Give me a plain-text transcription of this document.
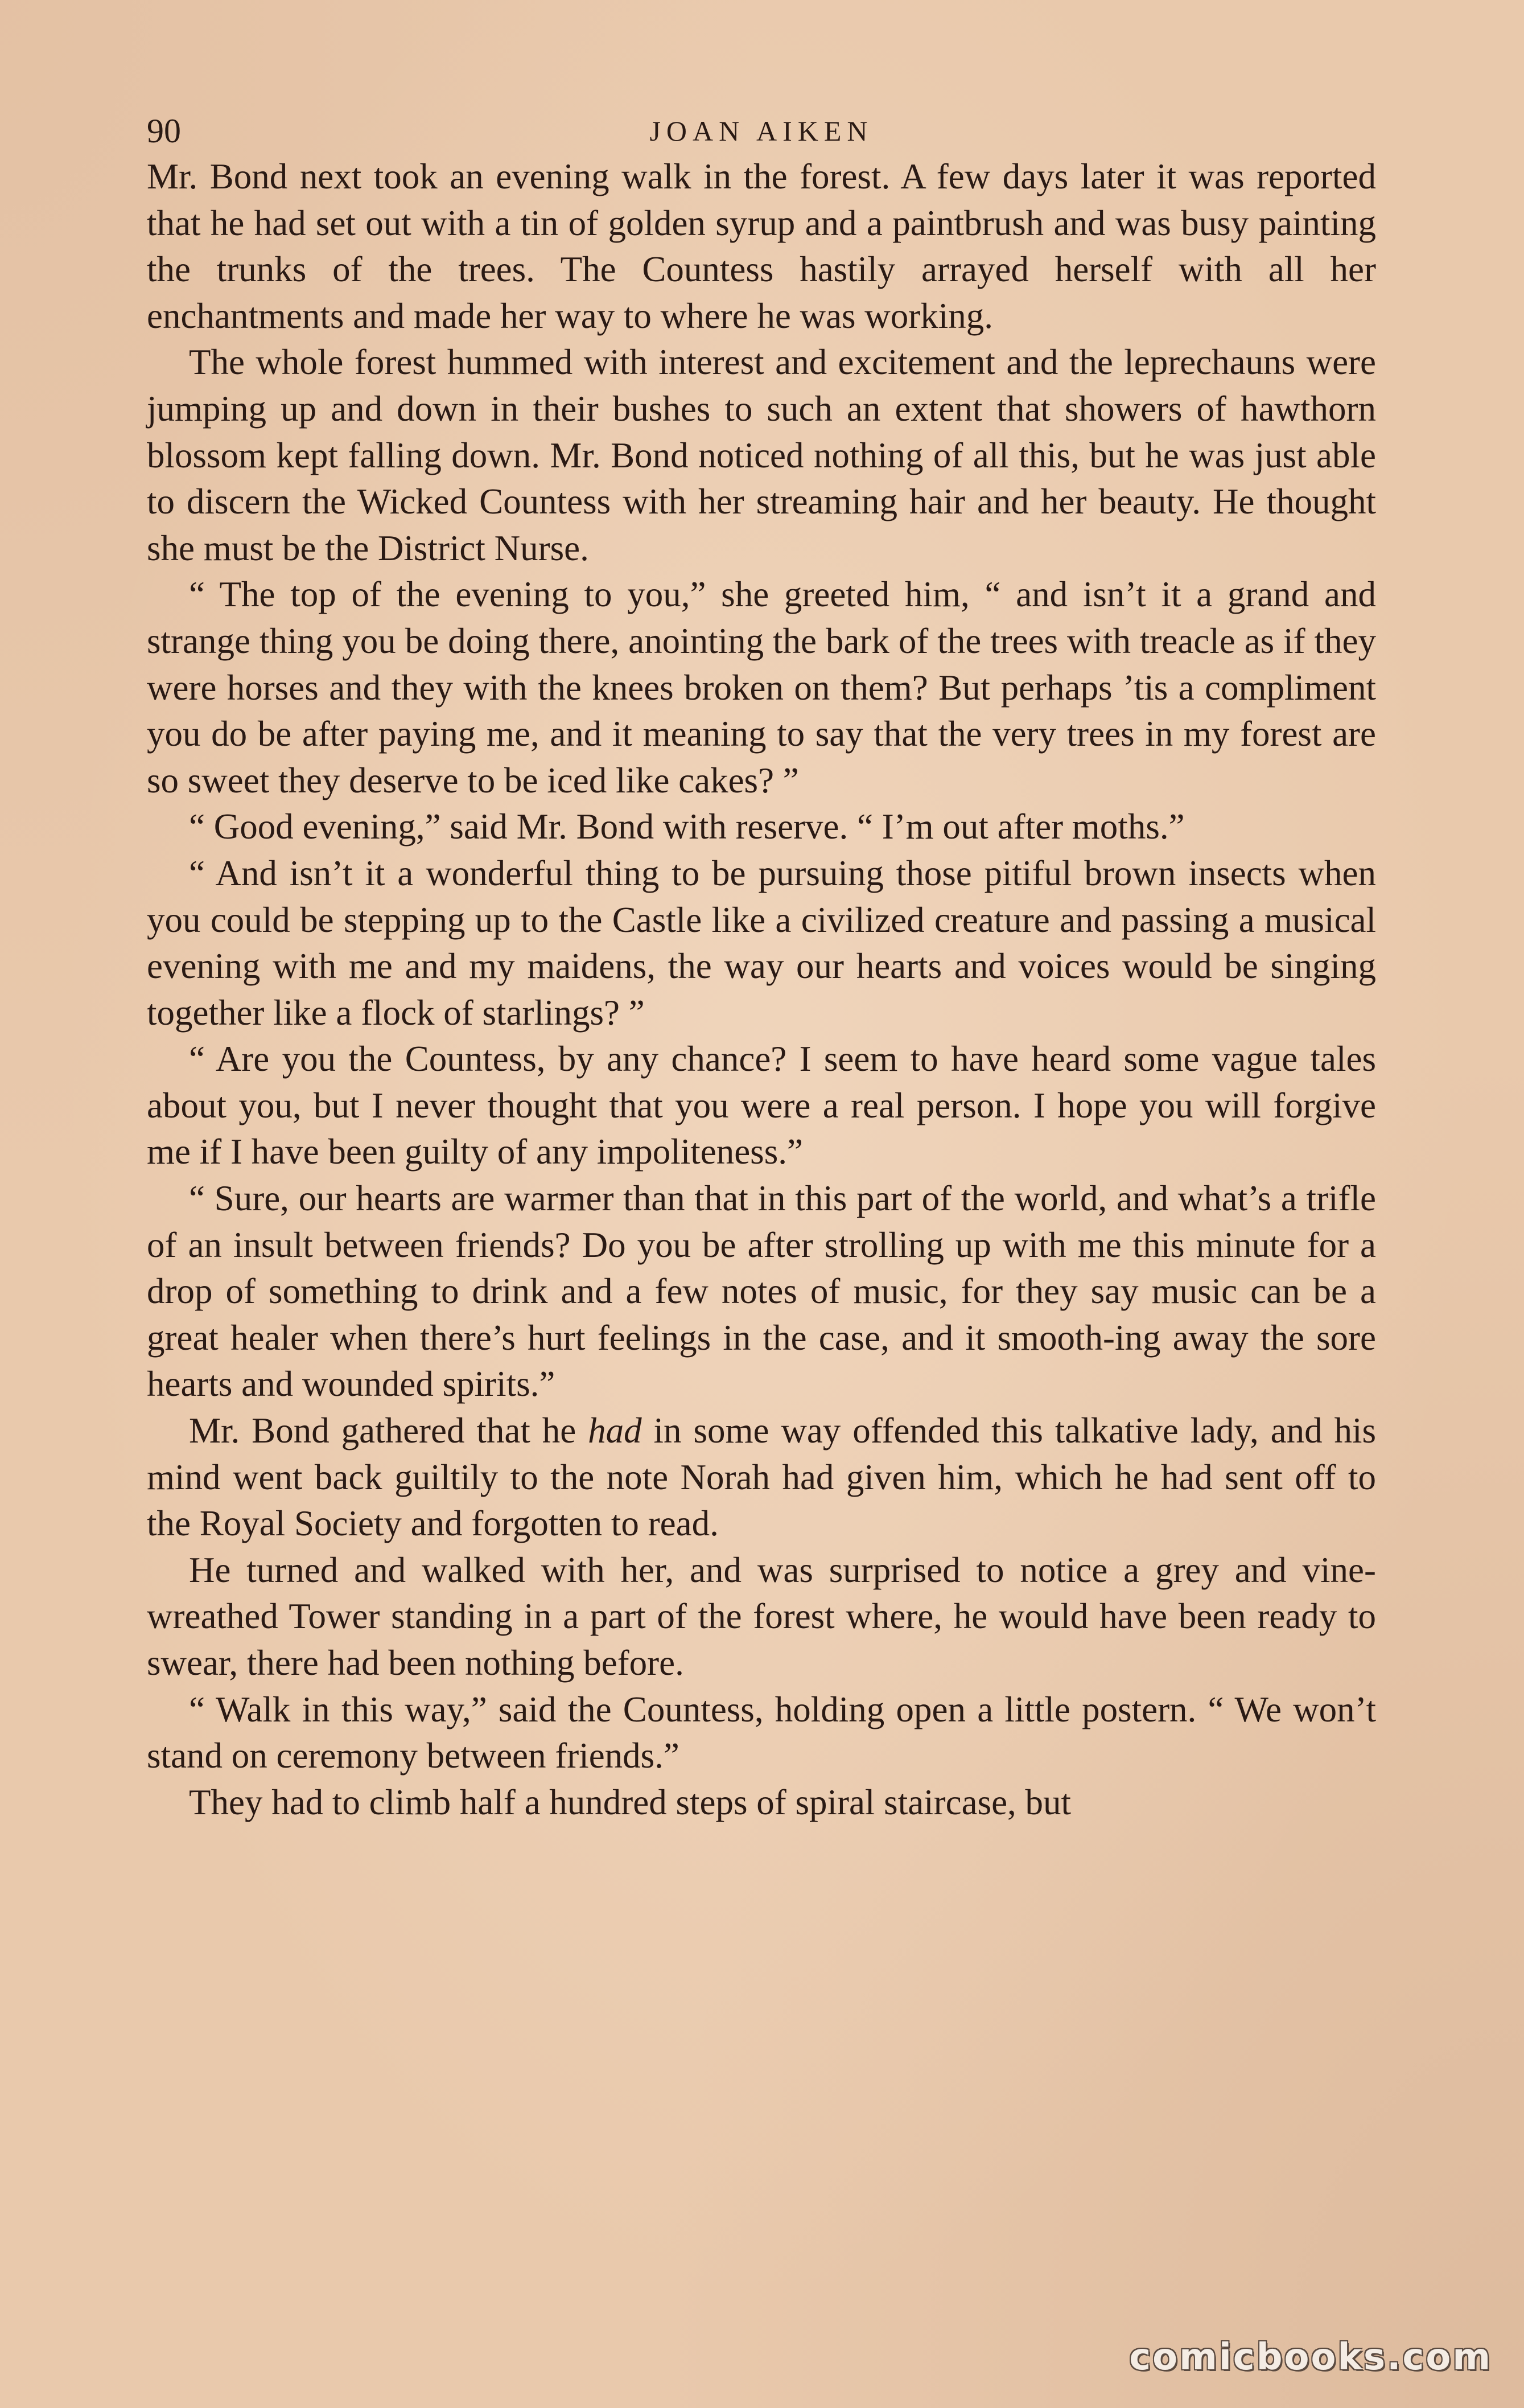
90	JOAN AIKEN

Mr. Bond next took an evening walk in the forest. A few days later it was reported that he had set out with a tin of golden syrup and a paintbrush and was busy painting the trunks of the trees. The Countess hastily arrayed herself with all her enchantments and made her way to where he was working.

The whole forest hummed with interest and excitement and the leprechauns were jumping up and down in their bushes to such an extent that showers of hawthorn blossom kept falling down. Mr. Bond noticed nothing of all this, but he was just able to discern the Wicked Countess with her streaming hair and her beauty. He thought she must be the District Nurse.

“ The top of the evening to you,” she greeted him, “ and isn’t it a grand and strange thing you be doing there, anointing the bark of the trees with treacle as if they were horses and they with the knees broken on them? But perhaps ’tis a compliment you do be after paying me, and it meaning to say that the very trees in my forest are so sweet they deserve to be iced like cakes? ”

“ Good evening,” said Mr. Bond with reserve. “ I’m out after moths.”

“ And isn’t it a wonderful thing to be pursuing those pitiful brown insects when you could be stepping up to the Castle like a civilized creature and passing a musical evening with me and my maidens, the way our hearts and voices would be singing together like a flock of starlings? ”

“ Are you the Countess, by any chance? I seem to have heard some vague tales about you, but I never thought that you were a real person. I hope you will forgive me if I have been guilty of any impoliteness.”

“ Sure, our hearts are warmer than that in this part of the world, and what’s a trifle of an insult between friends? Do you be after strolling up with me this minute for a drop of something to drink and a few notes of music, for they say music can be a great healer when there’s hurt feelings in the case, and it smooth-ing away the sore hearts and wounded spirits.”

Mr. Bond gathered that he had in some way offended this talkative lady, and his mind went back guiltily to the note Norah had given him, which he had sent off to the Royal Society and forgotten to read.

He turned and walked with her, and was surprised to notice a grey and vine-wreathed Tower standing in a part of the forest where, he would have been ready to swear, there had been nothing before.

“ Walk in this way,” said the Countess, holding open a little postern. “ We won’t stand on ceremony between friends.”

They had to climb half a hundred steps of spiral staircase, but

comicbooks.com
